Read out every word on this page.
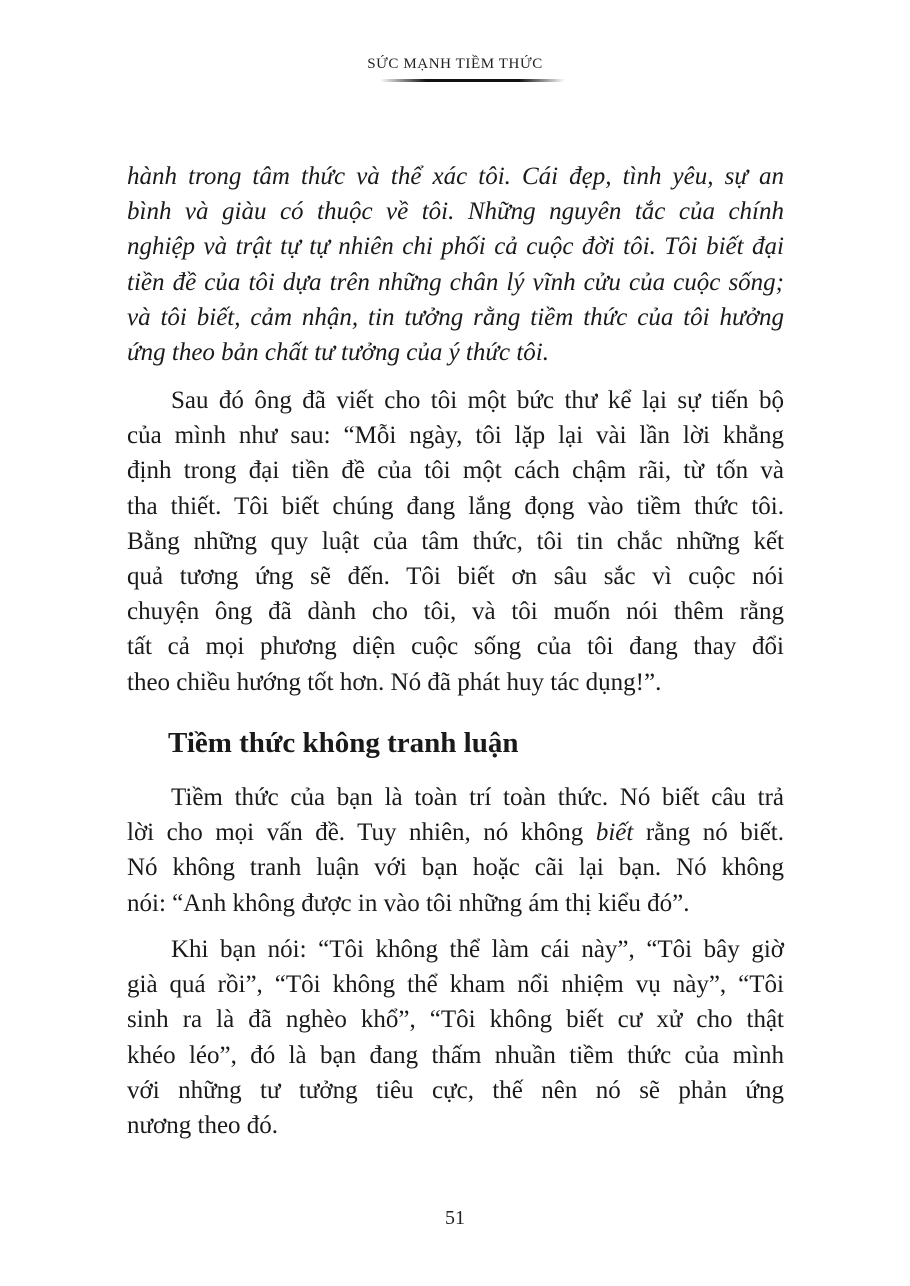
SỨC MẠNH TIỀM THỨC

hành trong tâm thức và thể xác tôi. Cái đẹp, tình yêu, sự an
bình và giàu có thuộc về tôi. Những nguyên tắc của chính
nghiệp và trật tự tự nhiên chi phối cả cuộc đời tôi. Tôi biết đại
tiền đề của tôi dựa trên những chân lý vĩnh cửu của cuộc sống;
và tôi biết, cảm nhận, tin tưởng rằng tiềm thức của tôi hưởng
ứng theo bản chất tư tưởng của ý thức tôi.

Sau đó ông đã viết cho tôi một bức thư kể lại sự tiến bộ
của mình như sau: “Mỗi ngày, tôi lặp lại vài lần lời khẳng
định trong đại tiền đề của tôi một cách chậm rãi, từ tốn và
tha thiết. Tôi biết chúng đang lắng đọng vào tiềm thức tôi.
Bằng những quy luật của tâm thức, tôi tin chắc những kết
quả tương ứng sẽ đến. Tôi biết ơn sâu sắc vì cuộc nói
chuyện ông đã dành cho tôi, và tôi muốn nói thêm rằng
tất cả mọi phương diện cuộc sống của tôi đang thay đổi
theo chiều hướng tốt hơn. Nó đã phát huy tác dụng!”.

Tiềm thức không tranh luận

Tiềm thức của bạn là toàn trí toàn thức. Nó biết câu trả
lời cho mọi vấn đề. Tuy nhiên, nó không biết rằng nó biết.
Nó không tranh luận với bạn hoặc cãi lại bạn. Nó không
nói: “Anh không được in vào tôi những ám thị kiểu đó”.

Khi bạn nói: “Tôi không thể làm cái này”, “Tôi bây giờ
già quá rồi”, “Tôi không thể kham nổi nhiệm vụ này”, “Tôi
sinh ra là đã nghèo khổ”, “Tôi không biết cư xử cho thật
khéo léo”, đó là bạn đang thấm nhuần tiềm thức của mình
với những tư tưởng tiêu cực, thế nên nó sẽ phản ứng
nương theo đó.

51
